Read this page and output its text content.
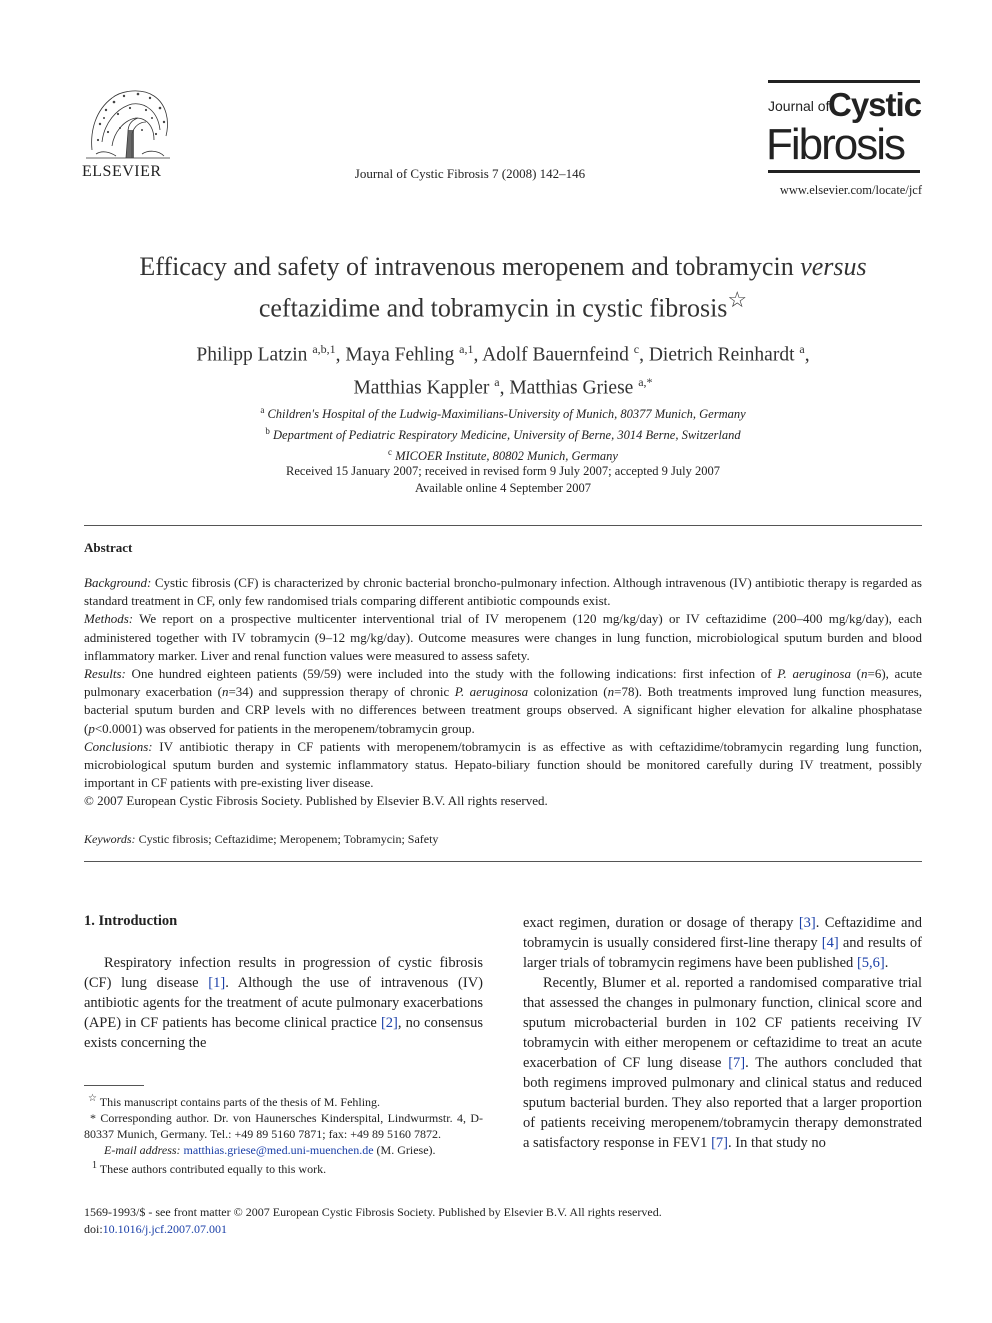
ELSEVIER	Journal of Cystic Fibrosis 7 (2008) 142–146
Journal of
Cystic
Fibrosis
www.elsevier.com/locate/jcf
Efficacy and safety of intravenous meropenem and tobramycin versus
ceftazidime and tobramycin in cystic fibrosis☆
Philipp Latzin $^{a,b,1}$, Maya Fehling $^{a,1}$, Adolf Bauernfeind $^c$, Dietrich Reinhardt $^a$,
Matthias Kappler $^a$, Matthias Griese $^{a,*}$
$^a$ Children's Hospital of the Ludwig-Maximilians-University of Munich, 80377 Munich, Germany
$^b$ Department of Pediatric Respiratory Medicine, University of Berne, 3014 Berne, Switzerland
$^c$ MICOER Institute, 80802 Munich, Germany
Received 15 January 2007; received in revised form 9 July 2007; accepted 9 July 2007
Available online 4 September 2007
Abstract

Background: Cystic fibrosis (CF) is characterized by chronic bacterial broncho-pulmonary infection. Although intravenous (IV) antibiotic therapy is regarded as standard treatment in CF, only few randomised trials comparing different antibiotic compounds exist.

Methods: We report on a prospective multicenter interventional trial of IV meropenem (120 mg/kg/day) or IV ceftazidime (200–400 mg/kg/day), each administered together with IV tobramycin (9–12 mg/kg/day). Outcome measures were changes in lung function, microbiological sputum burden and blood inflammatory marker. Liver and renal function values were measured to assess safety.

Results: One hundred eighteen patients (59/59) were included into the study with the following indications: first infection of P. aeruginosa (n=6), acute pulmonary exacerbation (n=34) and suppression therapy of chronic P. aeruginosa colonization (n=78). Both treatments improved lung function measures, bacterial sputum burden and CRP levels with no differences between treatment groups observed. A significant higher elevation for alkaline phosphatase (p<0.0001) was observed for patients in the meropenem/tobramycin group.

Conclusions: IV antibiotic therapy in CF patients with meropenem/tobramycin is as effective as with ceftazidime/tobramycin regarding lung function, microbiological sputum burden and systemic inflammatory status. Hepato-biliary function should be monitored carefully during IV treatment, possibly important in CF patients with pre-existing liver disease.

© 2007 European Cystic Fibrosis Society. Published by Elsevier B.V. All rights reserved.

Keywords: Cystic fibrosis; Ceftazidime; Meropenem; Tobramycin; Safety
1. Introduction

Respiratory infection results in progression of cystic fibrosis (CF) lung disease [1]. Although the use of intravenous (IV) antibiotic agents for the treatment of acute pulmonary exacerbations (APE) in CF patients has become clinical practice [2], no consensus exists concerning the

exact regimen, duration or dosage of therapy [3]. Ceftazidime and tobramycin is usually considered first-line therapy [4] and results of larger trials of tobramycin regimens have been published [5,6].

Recently, Blumer et al. reported a randomised comparative trial that assessed the changes in pulmonary function, clinical score and sputum microbacterial burden in 102 CF patients receiving IV tobramycin with either meropenem or ceftazidime to treat an acute exacerbation of CF lung disease [7]. The authors concluded that both regimens improved pulmonary and clinical status and reduced sputum bacterial burden. They also reported that a larger proportion of patients receiving meropenem/tobramycin therapy demonstrated a satisfactory response in FEV1 [7]. In that study no

☆ This manuscript contains parts of the thesis of M. Fehling.

* Corresponding author. Dr. von Haunersches Kinderspital, Lindwurmstr. 4, D-80337 Munich, Germany. Tel.: +49 89 5160 7871; fax: +49 89 5160 7872.

E-mail address: matthias.griese@med.uni-muenchen.de (M. Griese).

$^1$ These authors contributed equally to this work.

1569-1993/$ - see front matter © 2007 European Cystic Fibrosis Society. Published by Elsevier B.V. All rights reserved.
doi:10.1016/j.jcf.2007.07.001
